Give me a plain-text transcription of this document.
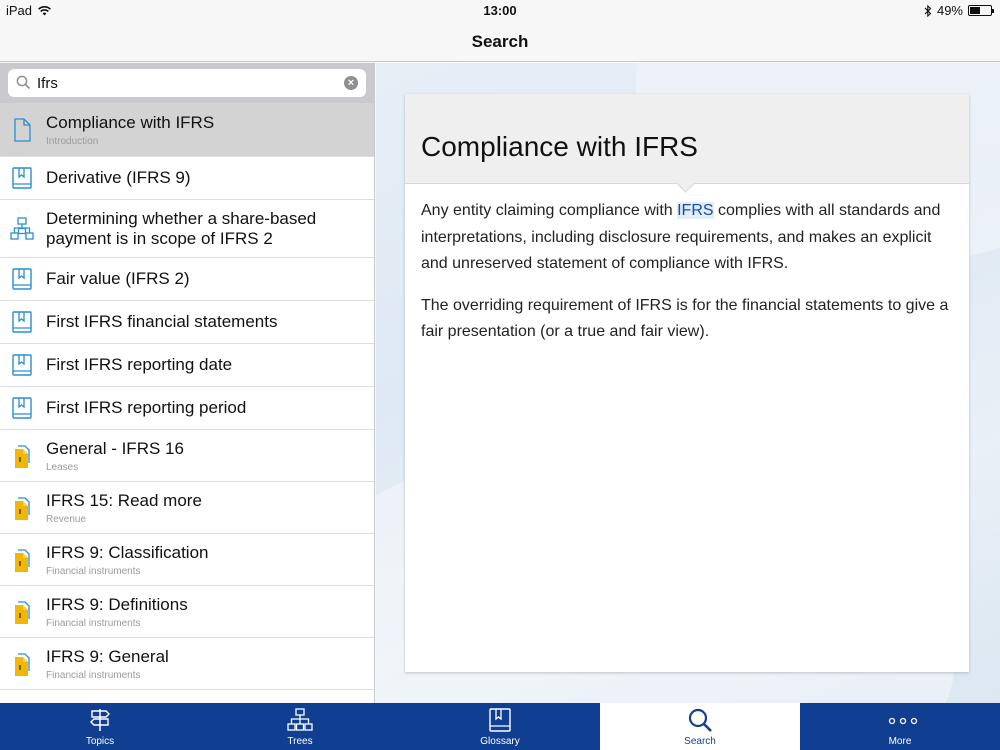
iPad	13:00	49%
Search
Ifrs
×
Compliance with IFRS
Introduction
Derivative (IFRS 9)
Determining whether a share-based payment is in scope of IFRS 2
Fair value (IFRS 2)
First IFRS financial statements
First IFRS reporting date
First IFRS reporting period
General - IFRS 16
Leases
IFRS 15: Read more
Revenue
IFRS 9: Classification
Financial instruments
IFRS 9: Definitions
Financial instruments
IFRS 9: General
Financial instruments
Compliance with IFRS

Any entity claiming compliance with IFRS complies with all standards and interpretations, including disclosure requirements, and makes an explicit and unreserved statement of compliance with IFRS.

The overriding requirement of IFRS is for the financial statements to give a fair presentation (or a true and fair view).

Topics	Trees	Glossary	Search	More
